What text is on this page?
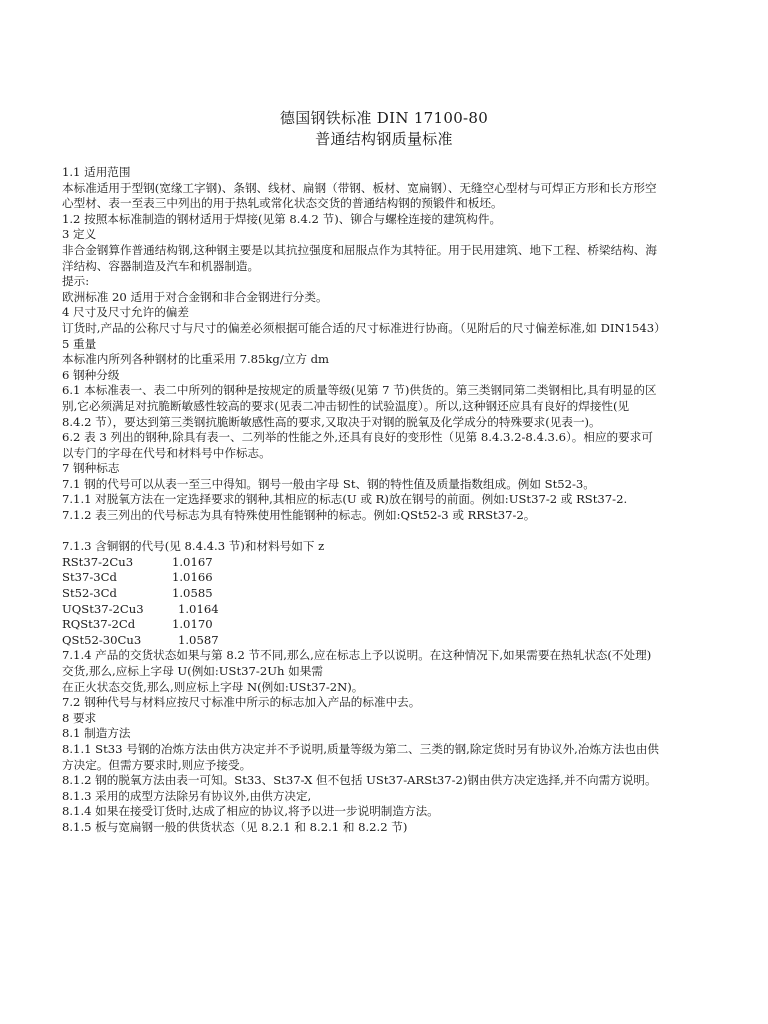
德国钢铁标准 DIN 17100-80
普通结构钢质量标准
1.1 适用范围
本标准适用于型钢(宽缘工字钢)、条钢、线材、扁钢（带钢、板材、宽扁钢）、无缝空心型材与可焊正方形和长方形空
心型材、表一至表三中列出的用于热轧或常化状态交货的普通结构钢的预锻件和板坯。
1.2 按照本标准制造的钢材适用于焊接(见第 8.4.2 节)、铆合与螺栓连接的建筑构件。
3 定义
非合金钢算作普通结构钢,这种钢主要是以其抗拉强度和屈服点作为其特征。用于民用建筑、地下工程、桥梁结构、海
洋结构、容器制造及汽车和机器制造。
提示:
欧洲标准 20 适用于对合金钢和非合金钢进行分类。
4 尺寸及尺寸允许的偏差
订货时,产品的公称尺寸与尺寸的偏差必须根据可能合适的尺寸标准进行协商。（见附后的尺寸偏差标准,如 DIN1543）
5 重量
本标准内所列各种钢材的比重采用 7.85kg/立方 dm
6 钢种分级
6.1 本标准表一、表二中所列的钢种是按规定的质量等级(见第 7 节)供货的。第三类钢同第二类钢相比,具有明显的区
别,它必须满足对抗脆断敏感性较高的要求(见表二冲击韧性的试验温度）。所以,这种钢还应具有良好的焊接性(见
8.4.2 节），要达到第三类钢抗脆断敏感性高的要求,又取决于对钢的脱氧及化学成分的特殊要求(见表一)。
6.2 表 3 列出的钢种,除具有表一、二列举的性能之外,还具有良好的变形性（见第 8.4.3.2-8.4.3.6）。相应的要求可
以专门的字母在代号和材料号中作标志。
7 钢种标志
7.1 钢的代号可以从表一至三中得知。钢号一般由字母 St、钢的特性值及质量指数组成。例如 St52-3。
7.1.1 对脱氧方法在一定选择要求的钢种,其相应的标志(U 或 R)放在钢号的前面。例如:USt37-2 或 RSt37-2.
7.1.2 表三列出的代号标志为具有特殊使用性能钢种的标志。例如:QSt52-3 或 RRSt37-2。
7.1.3 含铜钢的代号(见 8.4.4.3 节)和材料号如下 z
RSt37-2Cu3	1.0167
St37-3Cd	1.0166
St52-3Cd	1.0585
UQSt37-2Cu3	1.0164
RQSt37-2Cd	1.0170
QSt52-30Cu3	1.0587
7.1.4 产品的交货状态如果与第 8.2 节不同,那么,应在标志上予以说明。在这种情况下,如果需要在热轧状态(不处理)
交货,那么,应标上字母 U(例如:USt37-2Uh 如果需
在正火状态交货,那么,则应标上字母 N(例如:USt37-2N)。
7.2 钢种代号与材料应按尺寸标准中所示的标志加入产品的标准中去。
8 要求
8.1 制造方法
8.1.1 St33 号钢的冶炼方法由供方决定并不予说明,质量等级为第二、三类的钢,除定货时另有协议外,冶炼方法也由供
方决定。但需方要求时,则应予接受。
8.1.2 钢的脱氧方法由表一可知。St33、St37-X 但不包括 USt37-ARSt37-2)钢由供方决定选择,并不向需方说明。
8.1.3 采用的成型方法除另有协议外,由供方决定,
8.1.4 如果在接受订货时,达成了相应的协议,将予以进一步说明制造方法。
8.1.5 板与宽扁钢一般的供货状态（见 8.2.1 和 8.2.1 和 8.2.2 节)
